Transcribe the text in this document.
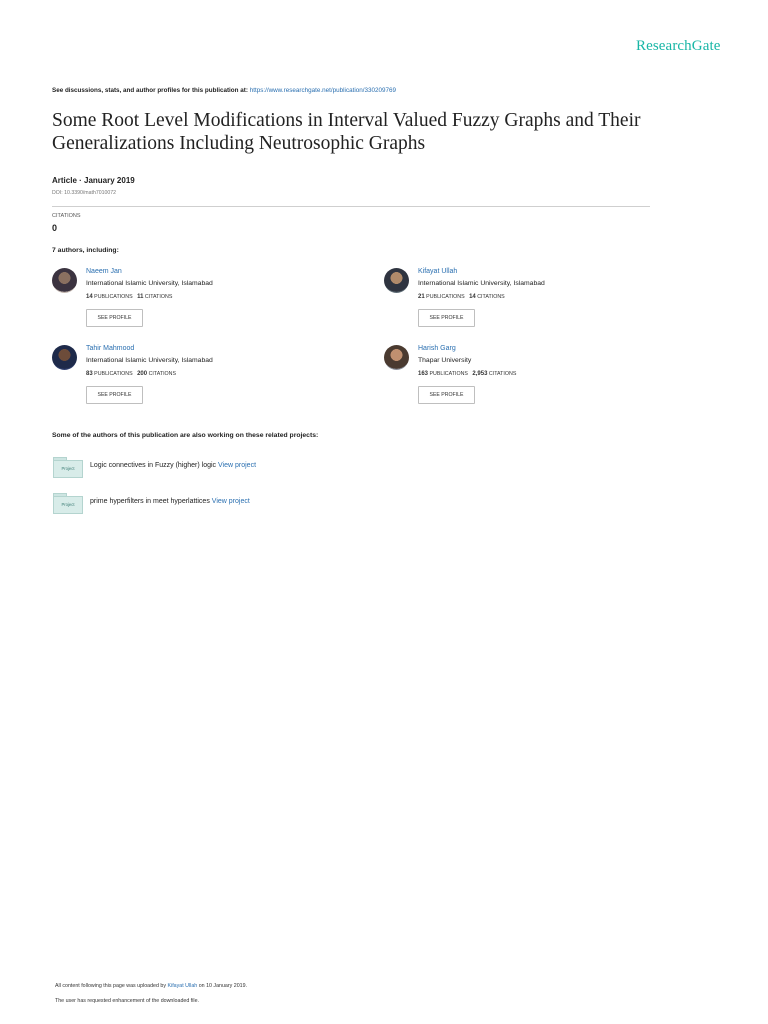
ResearchGate
See discussions, stats, and author profiles for this publication at: https://www.researchgate.net/publication/330209769
Some Root Level Modifications in Interval Valued Fuzzy Graphs and Their Generalizations Including Neutrosophic Graphs
Article · January 2019
DOI: 10.3390/math7010072
CITATIONS
0
7 authors, including:
Naeem Jan
International Islamic University, Islamabad
14 PUBLICATIONS 11 CITATIONS
SEE PROFILE
Kifayat Ullah
International Islamic University, Islamabad
21 PUBLICATIONS 14 CITATIONS
SEE PROFILE
Tahir Mahmood
International Islamic University, Islamabad
83 PUBLICATIONS 200 CITATIONS
SEE PROFILE
Harish Garg
Thapar University
163 PUBLICATIONS 2,953 CITATIONS
SEE PROFILE
Some of the authors of this publication are also working on these related projects:
Project	Logic connectives in Fuzzy (higher) logic View project
Project	prime hyperfilters in meet hyperlattices View project
All content following this page was uploaded by Kifayat Ullah on 10 January 2019.
The user has requested enhancement of the downloaded file.
